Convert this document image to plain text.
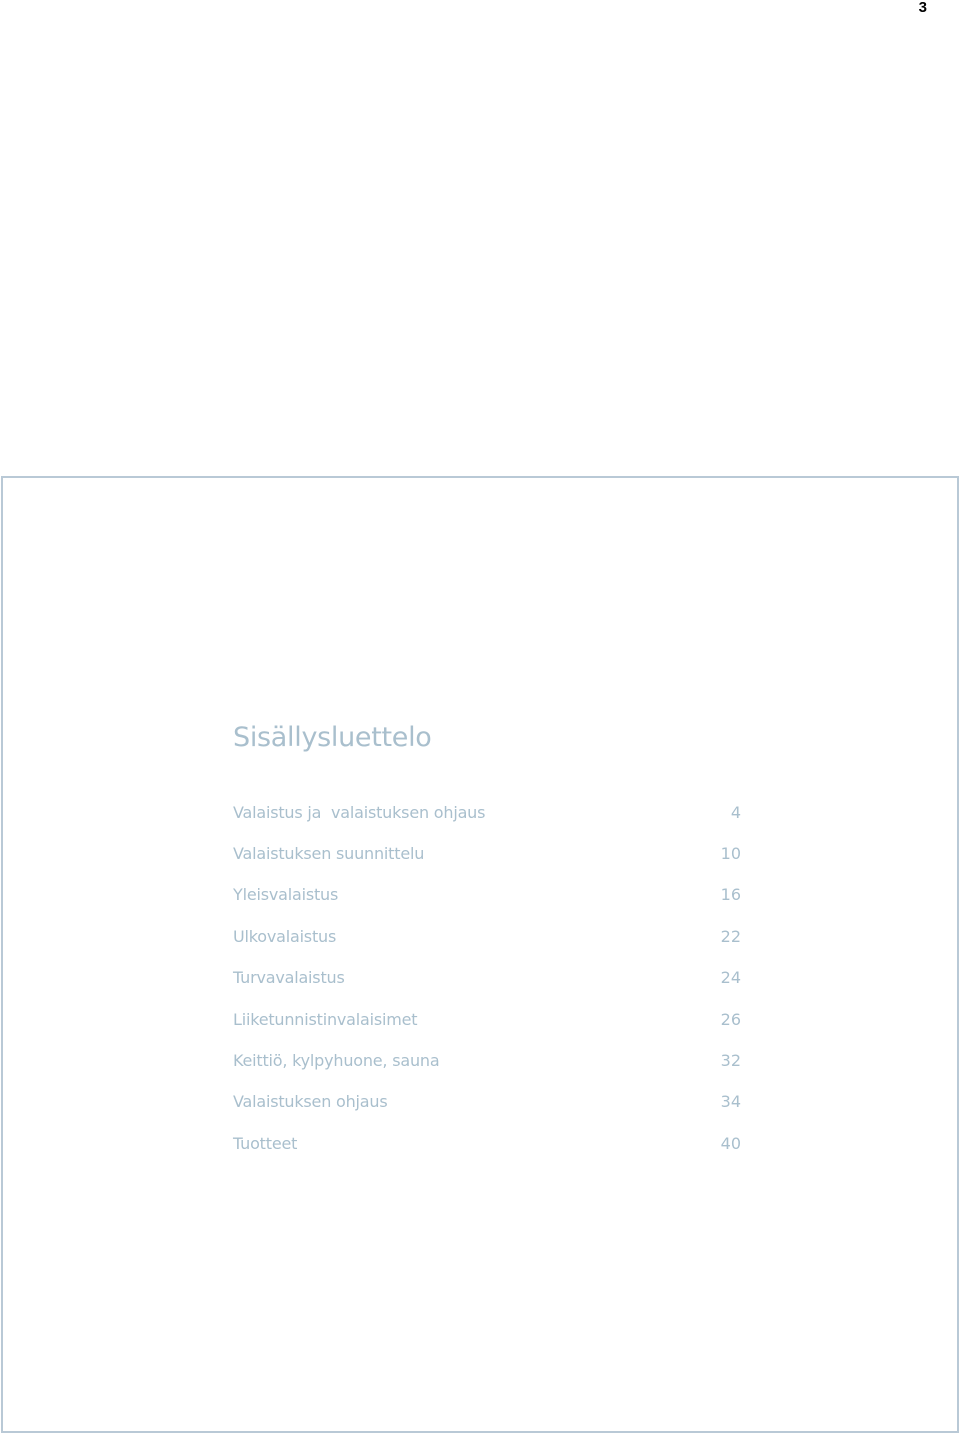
3
Sisällysluettelo
Valaistus ja  valaistuksen ohjaus	4
Valaistuksen suunnittelu	10
Yleisvalaistus	16
Ulkovalaistus	22
Turvavalaistus	24
Liiketunnistinvalaisimet	26
Keittiö, kylpyhuone, sauna	32
Valaistuksen ohjaus	34
Tuotteet	40
